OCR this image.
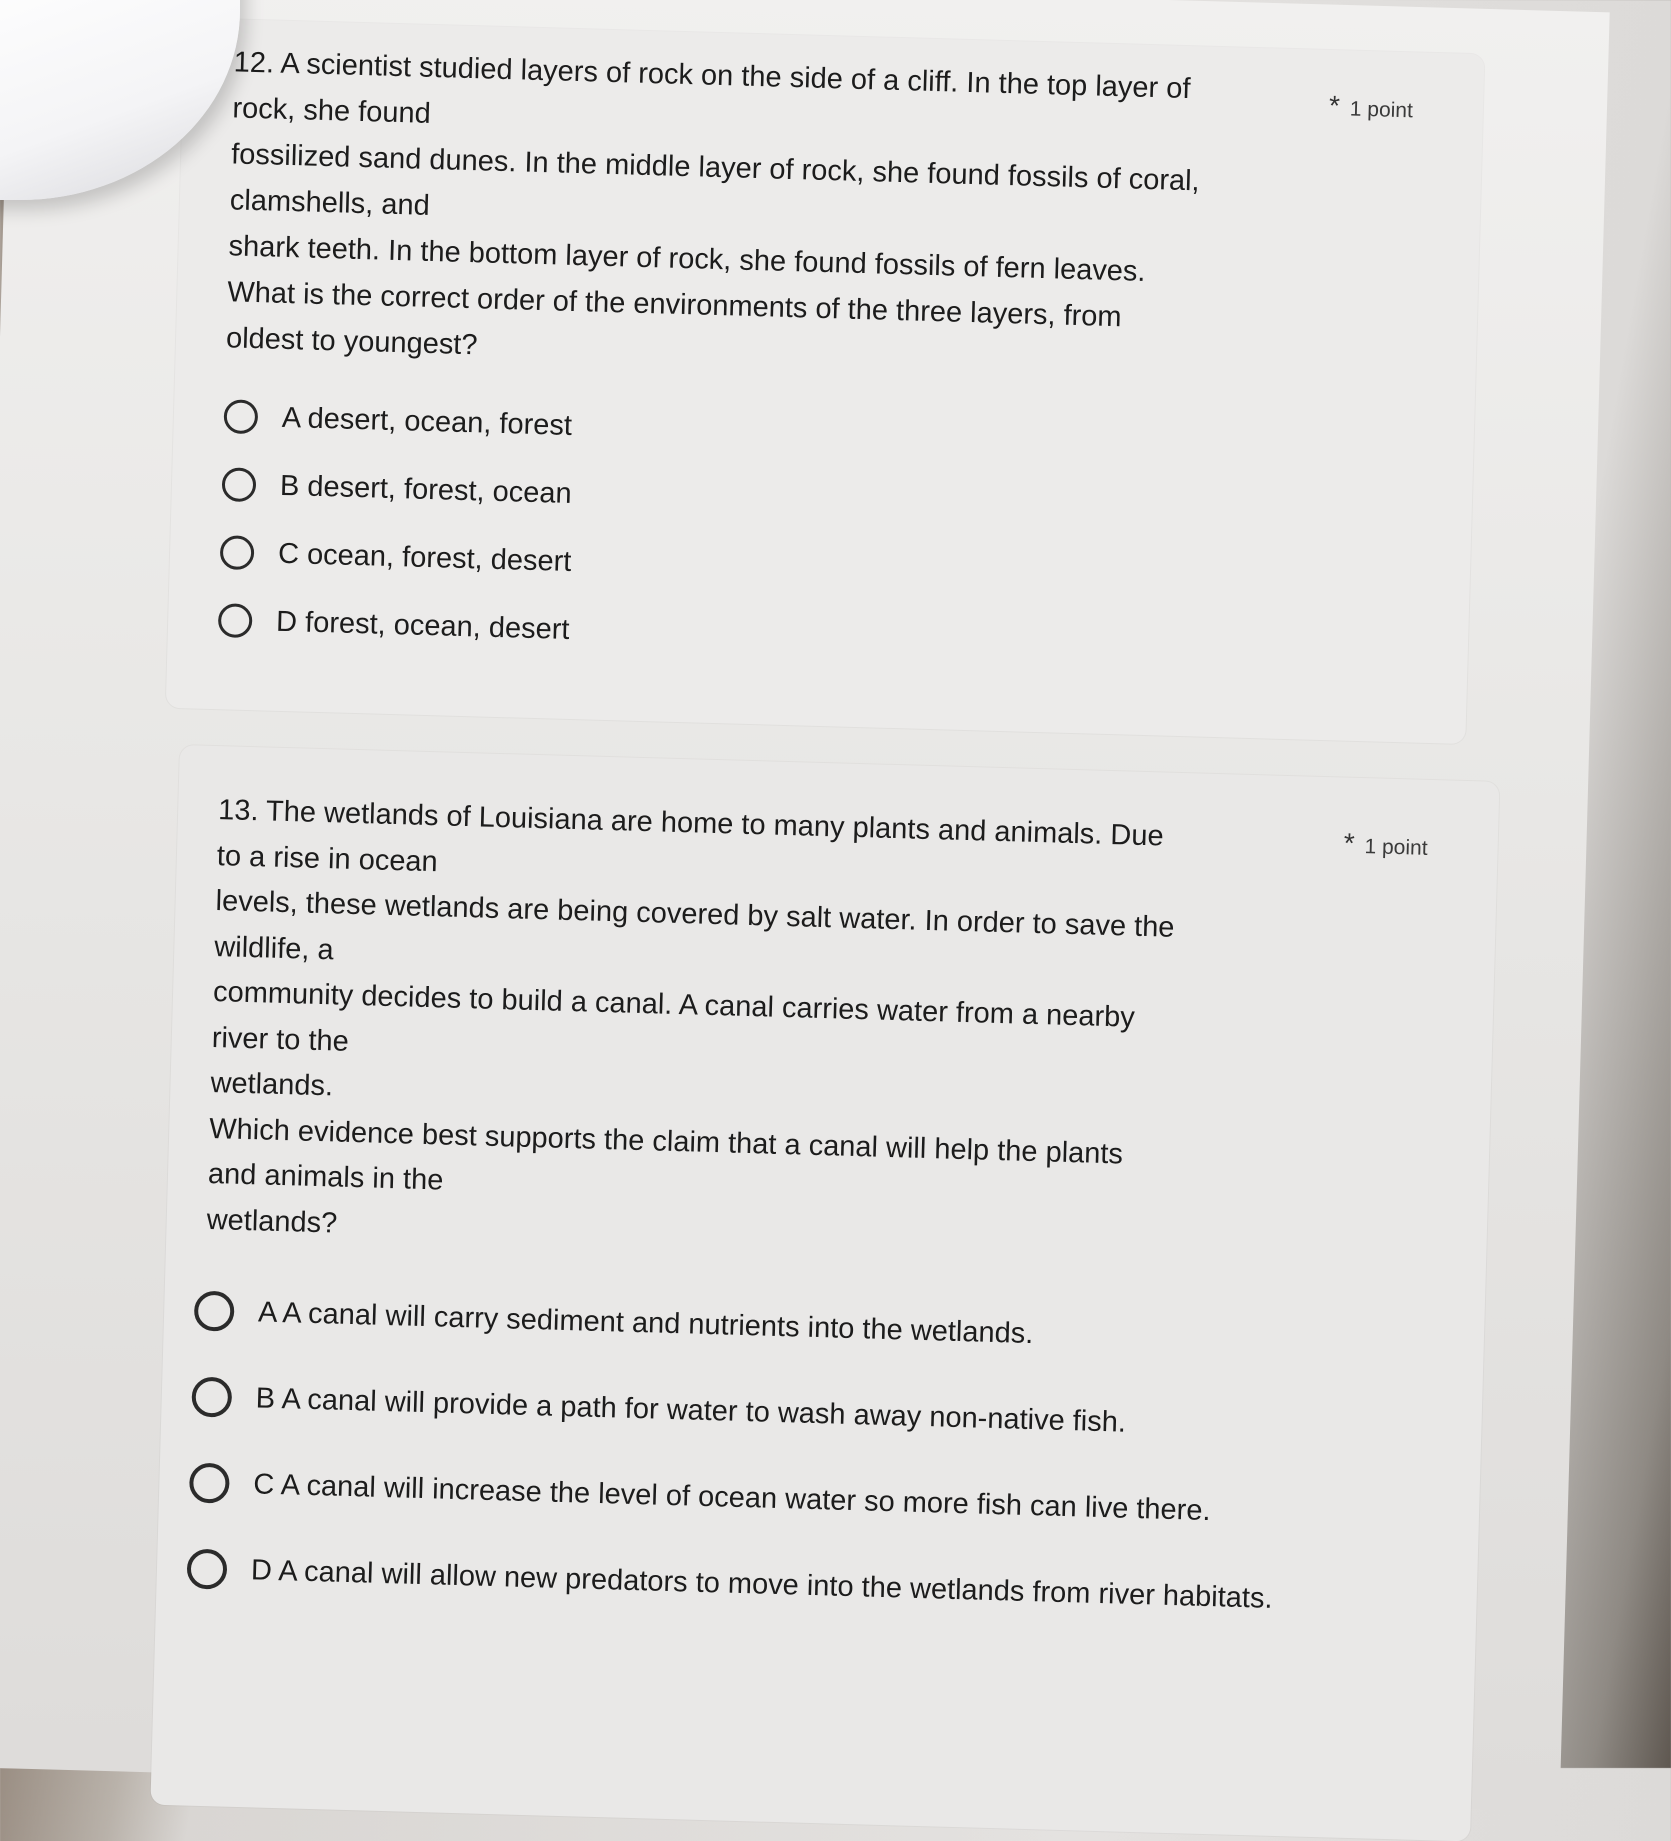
12. A scientist studied layers of rock on the side of a cliff. In the top layer of
rock, she found
fossilized sand dunes. In the middle layer of rock, she found fossils of coral,
clamshells, and
shark teeth. In the bottom layer of rock, she found fossils of fern leaves.
What is the correct order of the environments of the three layers, from
oldest to youngest?
* 1 point
A desert, ocean, forest
B desert, forest, ocean
C ocean, forest, desert
D forest, ocean, desert
13. The wetlands of Louisiana are home to many plants and animals. Due
to a rise in ocean
levels, these wetlands are being covered by salt water. In order to save the
wildlife, a
community decides to build a canal. A canal carries water from a nearby
river to the
wetlands.
Which evidence best supports the claim that a canal will help the plants
and animals in the
wetlands?
* 1 point
A A canal will carry sediment and nutrients into the wetlands.
B A canal will provide a path for water to wash away non-native fish.
C A canal will increase the level of ocean water so more fish can live there.
D A canal will allow new predators to move into the wetlands from river habitats.
